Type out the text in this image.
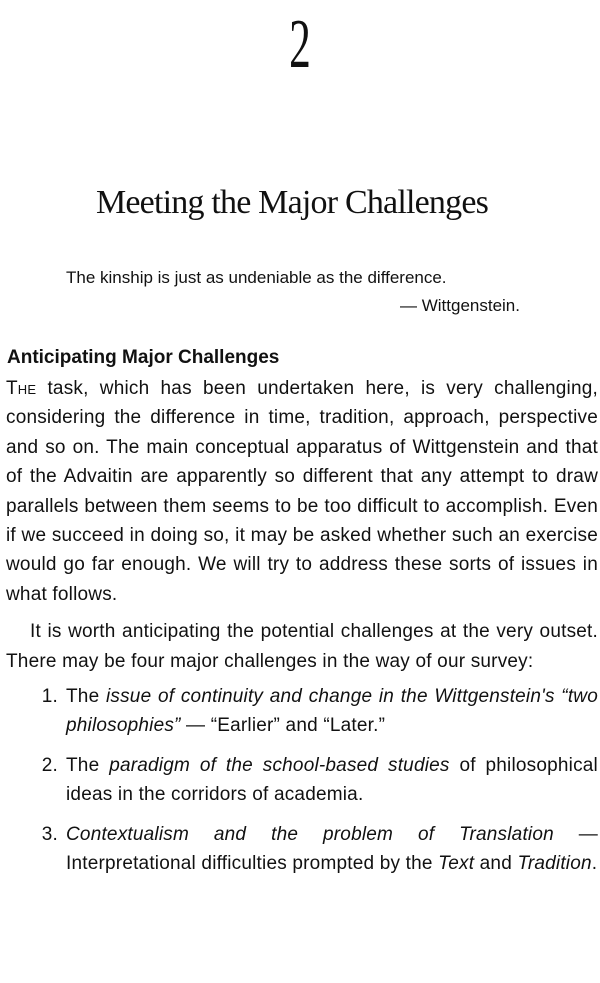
2
Meeting the Major Challenges
The kinship is just as undeniable as the difference.
— Wittgenstein.
Anticipating Major Challenges

The task, which has been undertaken here, is very challenging, considering the difference in time, tradition, approach, perspective and so on. The main conceptual apparatus of Wittgenstein and that of the Advaitin are apparently so different that any attempt to draw parallels between them seems to be too difficult to accomplish. Even if we succeed in doing so, it may be asked whether such an exercise would go far enough. We will try to address these sorts of issues in what follows.

It is worth anticipating the potential challenges at the very outset. There may be four major challenges in the way of our survey:

1. The issue of continuity and change in the Wittgenstein's “two philosophies” — “Earlier” and “Later.”
2. The paradigm of the school-based studies of philosophical ideas in the corridors of academia.
3. Contextualism and the problem of Translation — Interpretational difficulties prompted by the Text and Tradition.
